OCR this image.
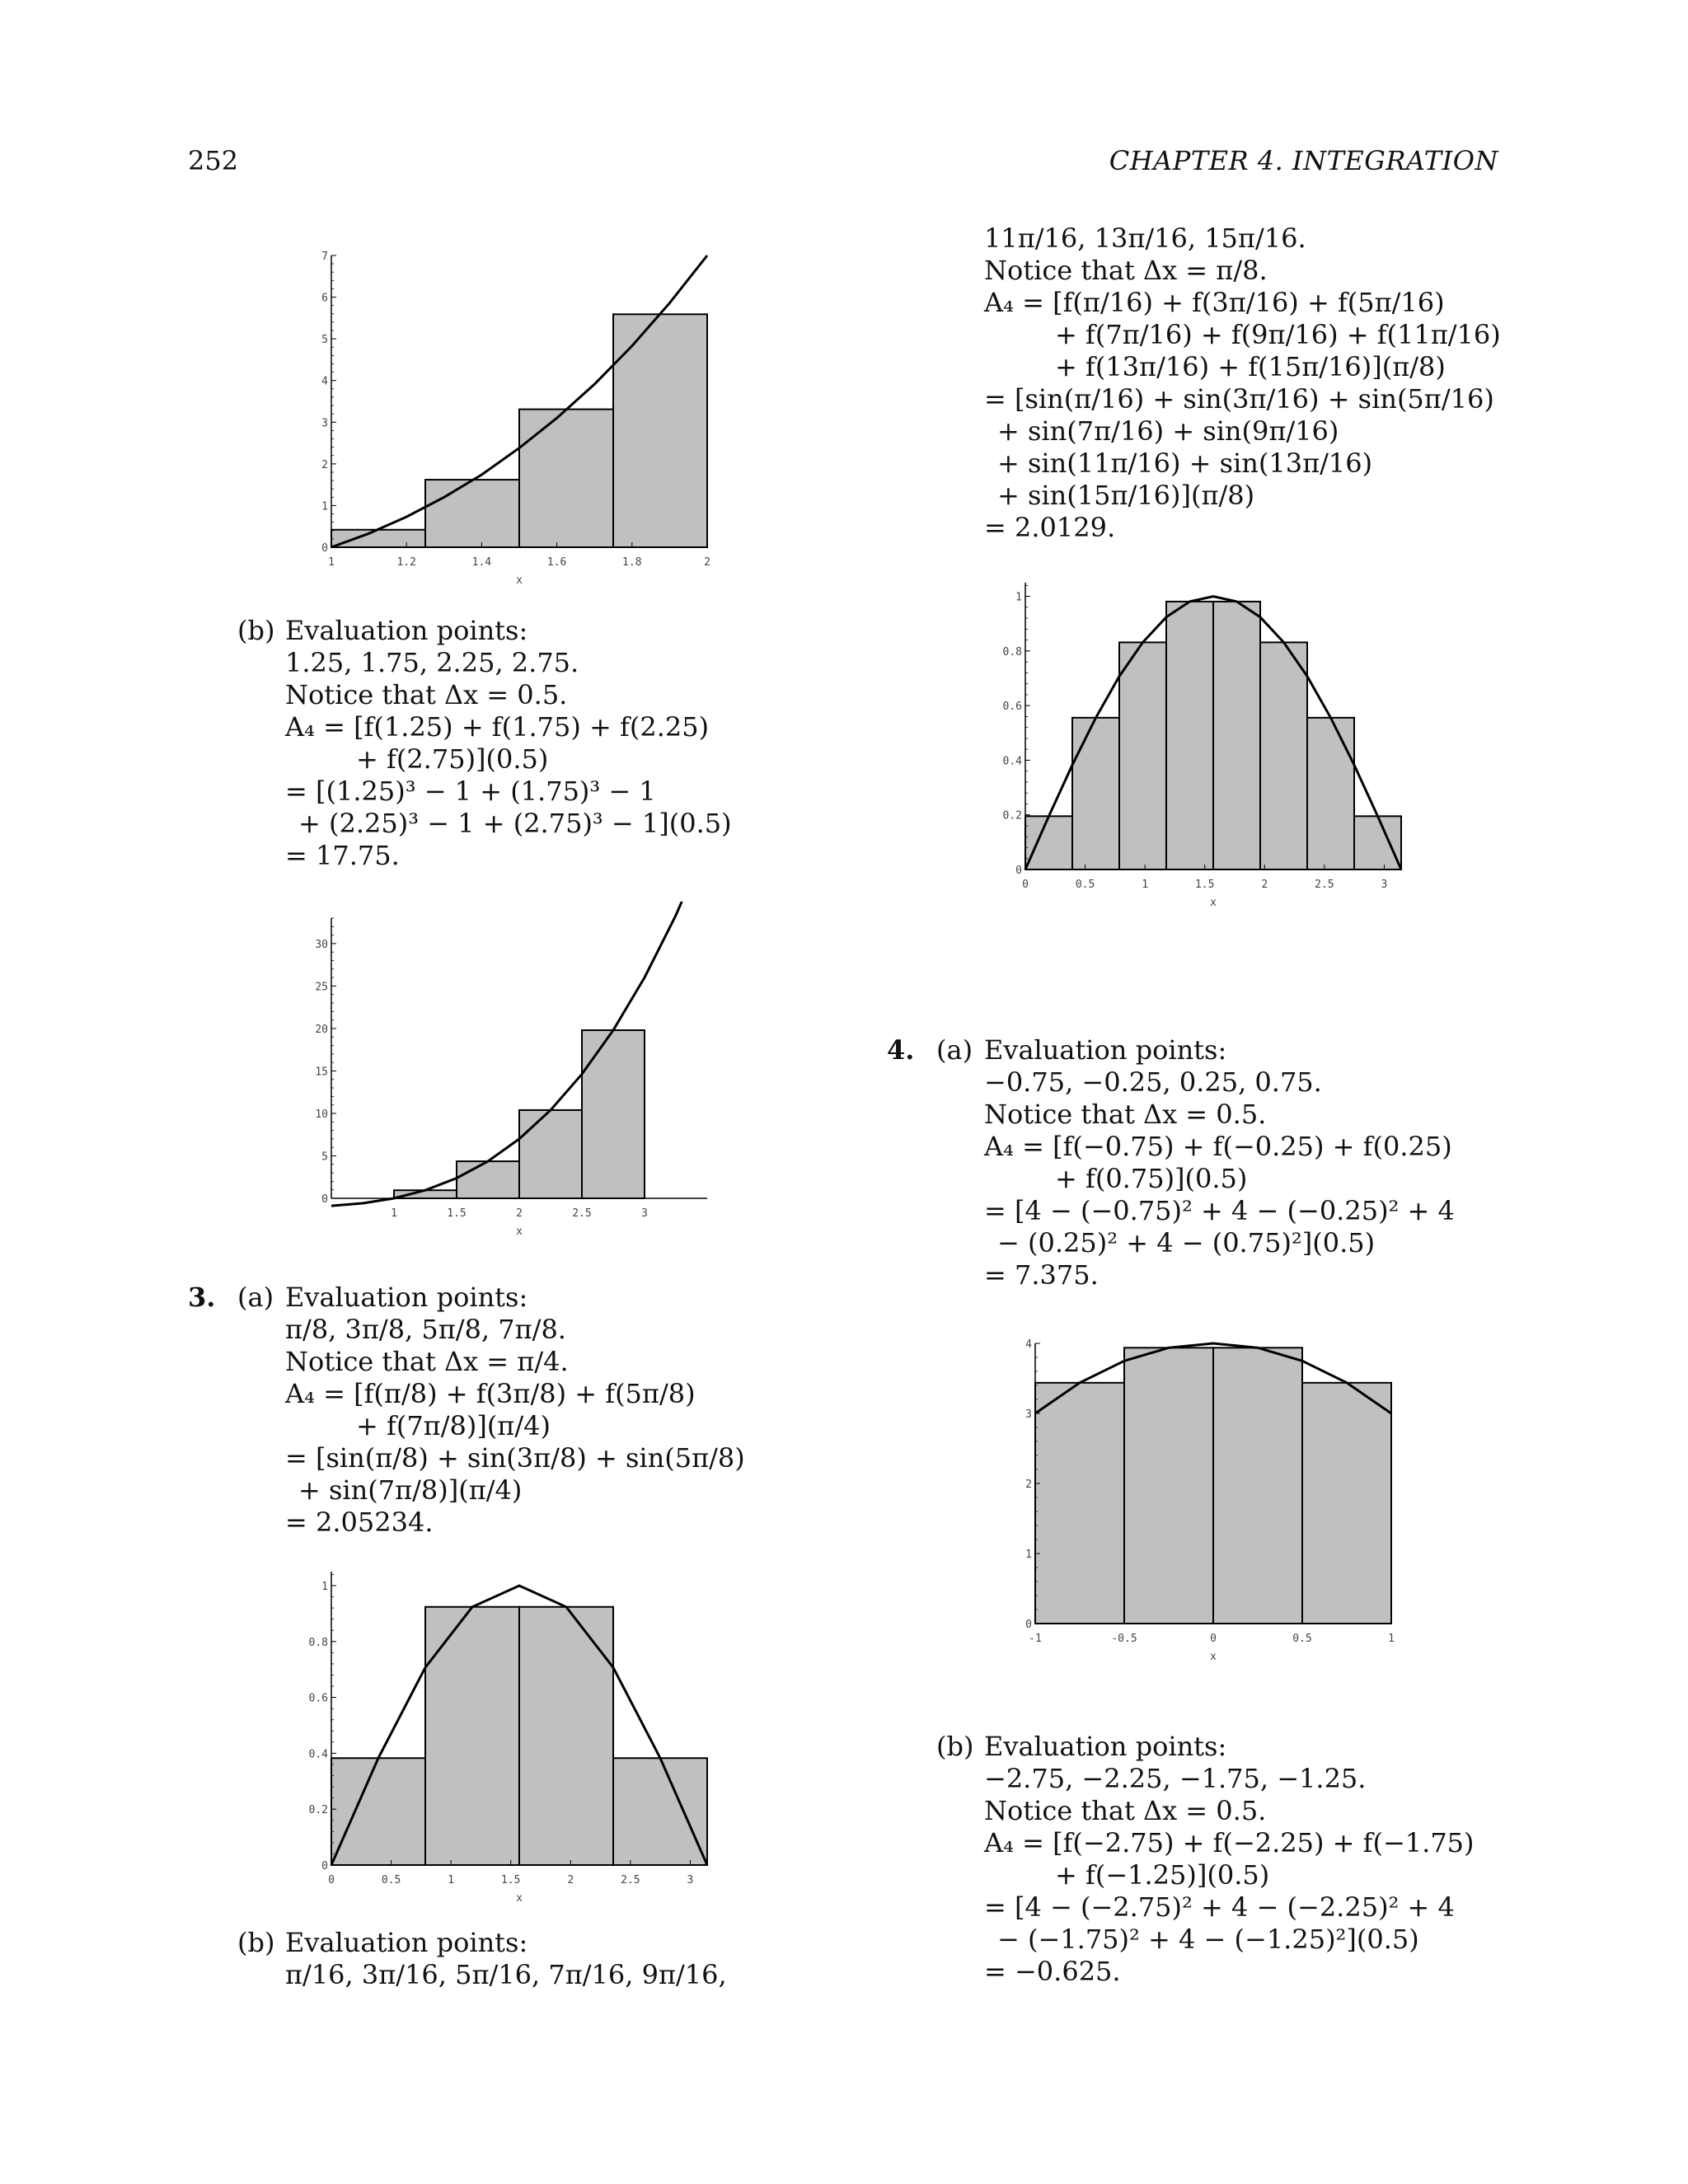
252	CHAPTER 4. INTEGRATION
0
1
2
3
4
5
6
7
1	1.2	1.4	1.6	1.8	2
x
(b) Evaluation points:
1.25, 1.75, 2.25, 2.75.
Notice that Δx = 0.5.
A₄ = [f(1.25) + f(1.75) + f(2.25)
+ f(2.75)](0.5)
= [(1.25)³ − 1 + (1.75)³ − 1
+ (2.25)³ − 1 + (2.75)³ − 1](0.5)
= 17.75.
0
5
10
15
20
25
30
1	1.5	2	2.5	3
x
3. (a) Evaluation points:
π/8, 3π/8, 5π/8, 7π/8.
Notice that Δx = π/4.
A₄ = [f(π/8) + f(3π/8) + f(5π/8)
+ f(7π/8)](π/4)
= [sin(π/8) + sin(3π/8) + sin(5π/8)
+ sin(7π/8)](π/4)
= 2.05234.
0
0.2
0.4
0.6
0.8
1
0	0.5	1	1.5	2	2.5	3
x
(b) Evaluation points:
π/16, 3π/16, 5π/16, 7π/16, 9π/16,
11π/16, 13π/16, 15π/16.
Notice that Δx = π/8.
A₄ = [f(π/16) + f(3π/16) + f(5π/16)
+ f(7π/16) + f(9π/16) + f(11π/16)
+ f(13π/16) + f(15π/16)](π/8)
= [sin(π/16) + sin(3π/16) + sin(5π/16)
+ sin(7π/16) + sin(9π/16)
+ sin(11π/16) + sin(13π/16)
+ sin(15π/16)](π/8)
= 2.0129.
0
0.2
0.4
0.6
0.8
1
0	0.5	1	1.5	2	2.5	3
x
4. (a) Evaluation points:
−0.75, −0.25, 0.25, 0.75.
Notice that Δx = 0.5.
A₄ = [f(−0.75) + f(−0.25) + f(0.25)
+ f(0.75)](0.5)
= [4 − (−0.75)² + 4 − (−0.25)² + 4
− (0.25)² + 4 − (0.75)²](0.5)
= 7.375.
0
1
2
3
4
-1	-0.5	0	0.5	1
x
(b) Evaluation points:
−2.75, −2.25, −1.75, −1.25.
Notice that Δx = 0.5.
A₄ = [f(−2.75) + f(−2.25) + f(−1.75)
+ f(−1.25)](0.5)
= [4 − (−2.75)² + 4 − (−2.25)² + 4
− (−1.75)² + 4 − (−1.25)²](0.5)
= −0.625.
